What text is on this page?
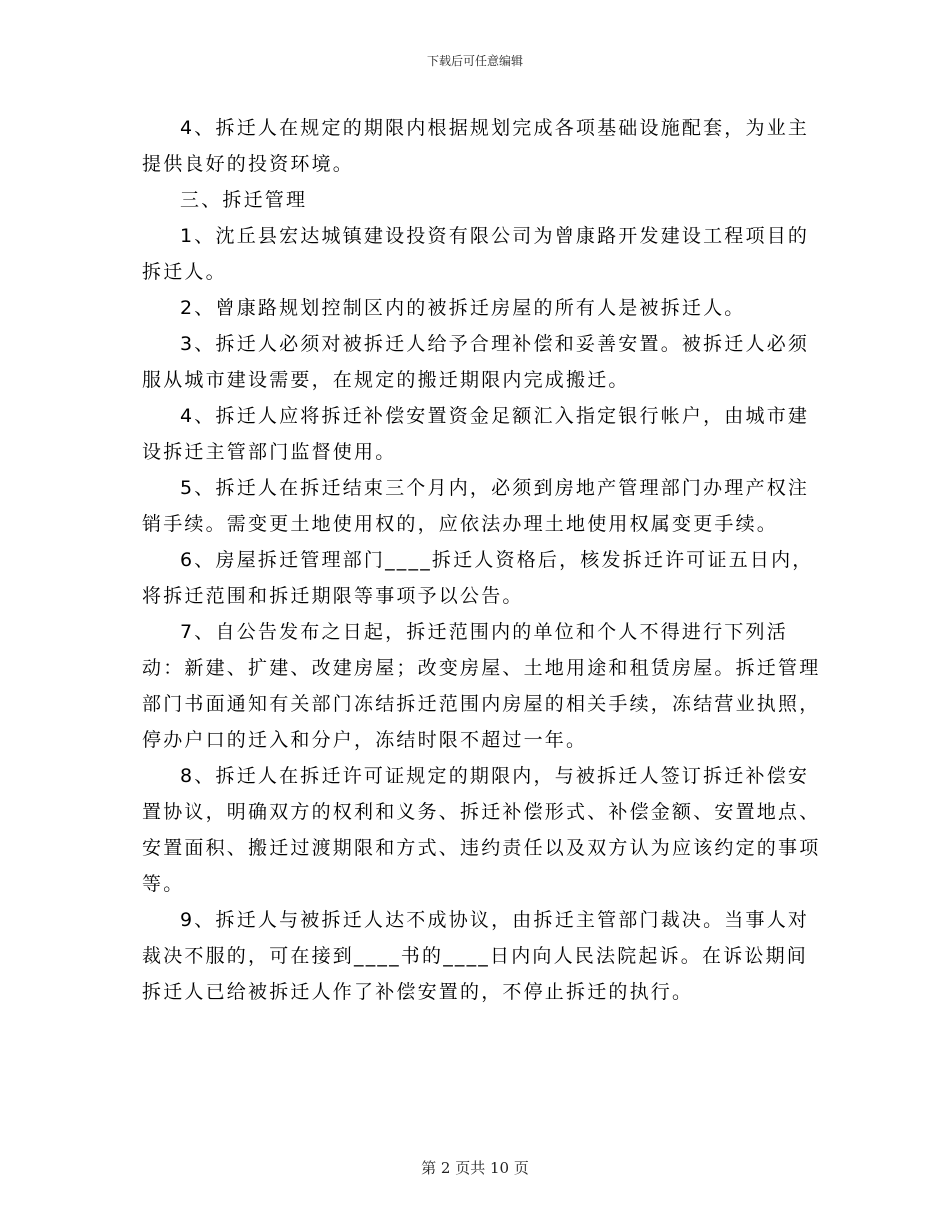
下载后可任意编辑

4、拆迁人在规定的期限内根据规划完成各项基础设施配套，为业主提供良好的投资环境。

三、拆迁管理

1、沈丘县宏达城镇建设投资有限公司为曾康路开发建设工程项目的拆迁人。

2、曾康路规划控制区内的被拆迁房屋的所有人是被拆迁人。

3、拆迁人必须对被拆迁人给予合理补偿和妥善安置。被拆迁人必须服从城市建设需要，在规定的搬迁期限内完成搬迁。

4、拆迁人应将拆迁补偿安置资金足额汇入指定银行帐户，由城市建设拆迁主管部门监督使用。

5、拆迁人在拆迁结束三个月内，必须到房地产管理部门办理产权注销手续。需变更土地使用权的，应依法办理土地使用权属变更手续。

6、房屋拆迁管理部门____拆迁人资格后，核发拆迁许可证五日内，将拆迁范围和拆迁期限等事项予以公告。

7、自公告发布之日起，拆迁范围内的单位和个人不得进行下列活动：新建、扩建、改建房屋；改变房屋、土地用途和租赁房屋。拆迁管理部门书面通知有关部门冻结拆迁范围内房屋的相关手续，冻结营业执照，停办户口的迁入和分户，冻结时限不超过一年。

8、拆迁人在拆迁许可证规定的期限内，与被拆迁人签订拆迁补偿安置协议，明确双方的权利和义务、拆迁补偿形式、补偿金额、安置地点、安置面积、搬迁过渡期限和方式、违约责任以及双方认为应该约定的事项等。

9、拆迁人与被拆迁人达不成协议，由拆迁主管部门裁决。当事人对裁决不服的，可在接到____书的____日内向人民法院起诉。在诉讼期间拆迁人已给被拆迁人作了补偿安置的，不停止拆迁的执行。

第 2 页共 10 页
